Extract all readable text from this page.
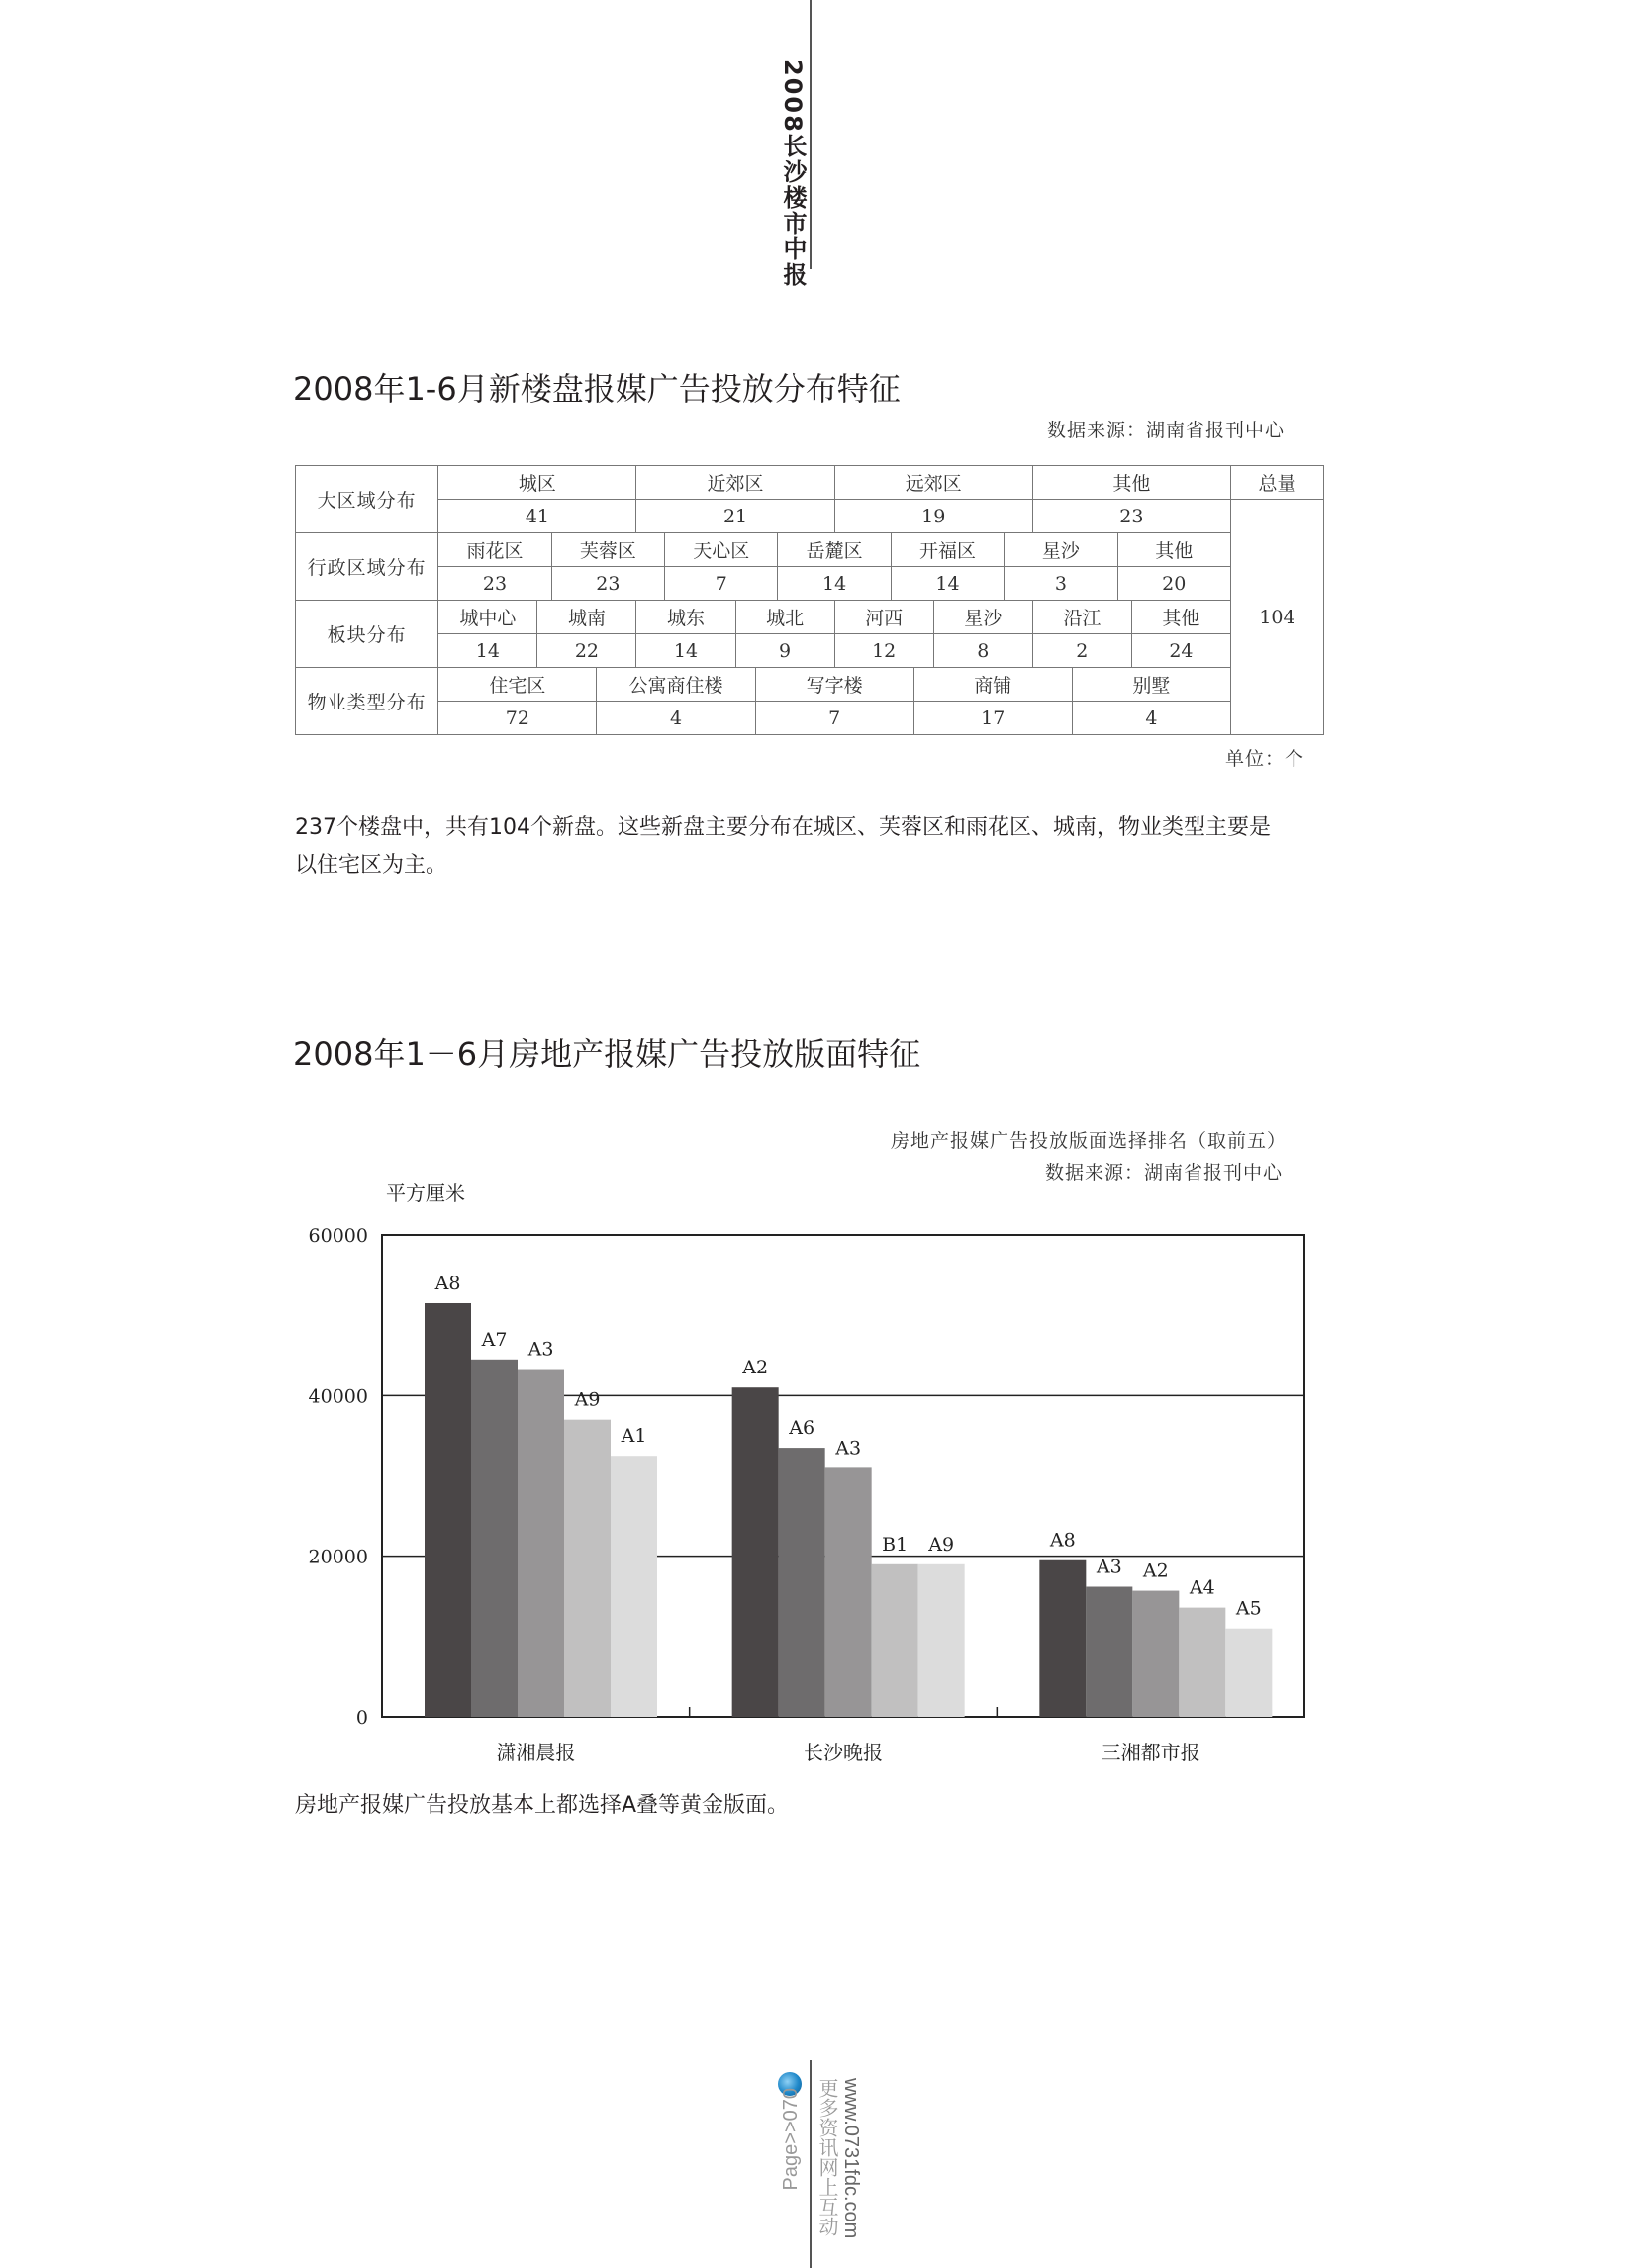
2008长沙楼市中报
2008年1-6月新楼盘报媒广告投放分布特征
数据来源：湖南省报刊中心
大区域分布	城区				近郊区					远郊区					其他				总量
	41				21					19					23				104
行政区域分布	雨花区		芙蓉区			天心区			岳麓区		开福区			星沙			其他		
	23		23			7			14		14			3			20		
板块分布	城中心	城南			城东		城北			河西			星沙		沿江			其他	
	14	22			14		9			12			8		2			24	
物业类型分布	住宅区			公寓商住楼				写字楼				商铺				别墅			
	72			4				7				17				4			
单位：个
237个楼盘中，共有104个新盘。这些新盘主要分布在城区、芙蓉区和雨花区、城南，物业类型主要是
以住宅区为主。
2008年1－6月房地产报媒广告投放版面特征
房地产报媒广告投放版面选择排名（取前五）
数据来源：湖南省报刊中心
0
20000
40000
60000
平方厘米
A8
A7 A3
A9
A1
潇湘晨报
A2
A6
A3
B1 A9
长沙晚报
A8
A3 A2
A4
A5
三湘都市报
房地产报媒广告投放基本上都选择A叠等黄金版面。
www.0731fdc.com
更多资讯网上互动
Page>>070
